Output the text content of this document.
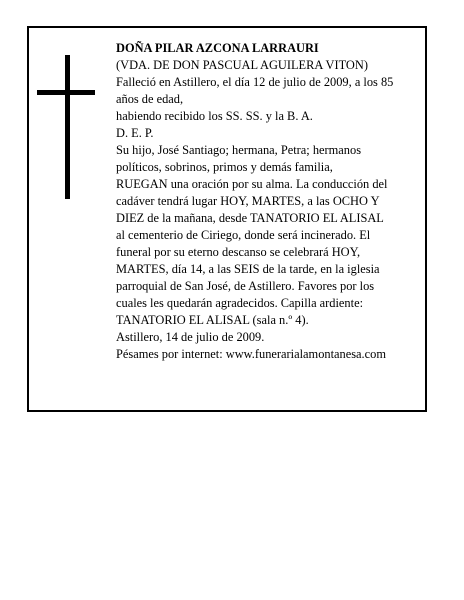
DOÑA PILAR AZCONA LARRAURI
(VDA. DE DON PASCUAL AGUILERA VITON)
Falleció en Astillero, el día 12 de julio de 2009, a los 85
años de edad,
habiendo recibido los SS. SS. y la B. A.
D. E. P.
Su hijo, José Santiago; hermana, Petra; hermanos
políticos, sobrinos, primos y demás familia,
RUEGAN una oración por su alma. La conducción del
cadáver tendrá lugar HOY, MARTES, a las OCHO Y
DIEZ de la mañana, desde TANATORIO EL ALISAL
al cementerio de Ciriego, donde será incinerado. El
funeral por su eterno descanso se celebrará HOY,
MARTES, día 14, a las SEIS de la tarde, en la iglesia
parroquial de San José, de Astillero. Favores por los
cuales les quedarán agradecidos. Capilla ardiente:
TANATORIO EL ALISAL (sala n.º 4).
Astillero, 14 de julio de 2009.
Pésames por internet: www.funerarialamontanesa.com
